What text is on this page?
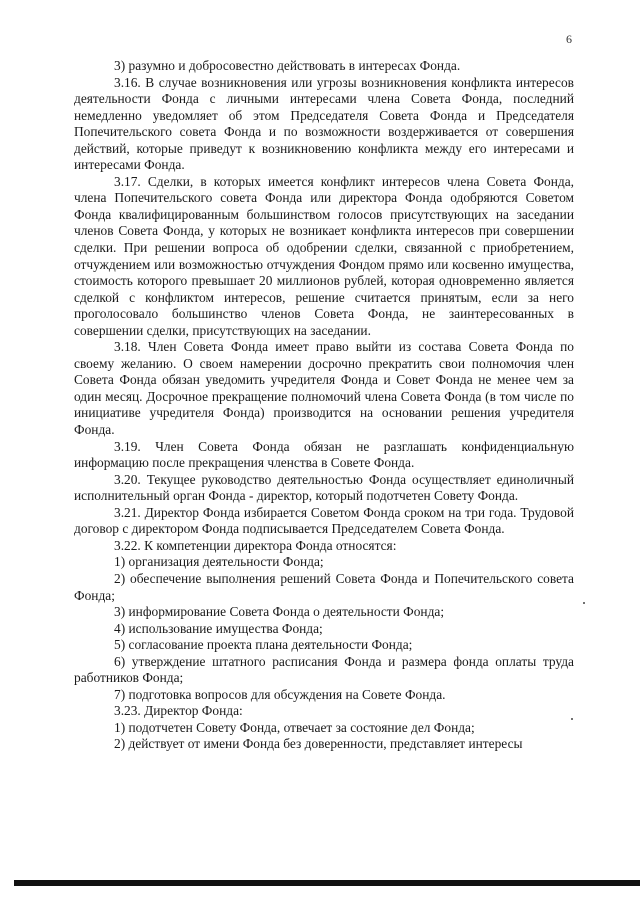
6

3) разумно и добросовестно действовать в интересах Фонда.

3.16. В случае возникновения или угрозы возникновения конфликта интересов деятельности Фонда с личными интересами члена Совета Фонда, последний немедленно уведомляет об этом Председателя Совета Фонда и Председателя Попечительского совета Фонда и по возможности воздерживается от совершения действий, которые приведут к возникновению конфликта между его интересами и интересами Фонда.

3.17. Сделки, в которых имеется конфликт интересов члена Совета Фонда, члена Попечительского совета Фонда или директора Фонда одобряются Советом Фонда квалифицированным большинством голосов присутствующих на заседании членов Совета Фонда, у которых не возникает конфликта интересов при совершении сделки. При решении вопроса об одобрении сделки, связанной с приобретением, отчуждением или возможностью отчуждения Фондом прямо или косвенно имущества, стоимость которого превышает 20 миллионов рублей, которая одновременно является сделкой с конфликтом интересов, решение считается принятым, если за него проголосовало большинство членов Совета Фонда, не заинтересованных в совершении сделки, присутствующих на заседании.

3.18. Член Совета Фонда имеет право выйти из состава Совета Фонда по своему желанию. О своем намерении досрочно прекратить свои полномочия член Совета Фонда обязан уведомить учредителя Фонда и Совет Фонда не менее чем за один месяц. Досрочное прекращение полномочий члена Совета Фонда (в том числе по инициативе учредителя Фонда) производится на основании решения учредителя Фонда.

3.19. Член Совета Фонда обязан не разглашать конфиденциальную информацию после прекращения членства в Совете Фонда.

3.20. Текущее руководство деятельностью Фонда осуществляет единоличный исполнительный орган Фонда - директор, который подотчетен Совету Фонда.

3.21. Директор Фонда избирается Советом Фонда сроком на три года. Трудовой договор с директором Фонда подписывается Председателем Совета Фонда.

3.22. К компетенции директора Фонда относятся:

1) организация деятельности Фонда;

2) обеспечение выполнения решений Совета Фонда и Попечительского совета Фонда;

3) информирование Совета Фонда о деятельности Фонда;

4) использование имущества Фонда;

5) согласование проекта плана деятельности Фонда;

6) утверждение штатного расписания Фонда и размера фонда оплаты труда работников Фонда;

7) подготовка вопросов для обсуждения на Совете Фонда.

3.23. Директор Фонда:

1) подотчетен Совету Фонда, отвечает за состояние дел Фонда;

2) действует от имени Фонда без доверенности, представляет интересы
